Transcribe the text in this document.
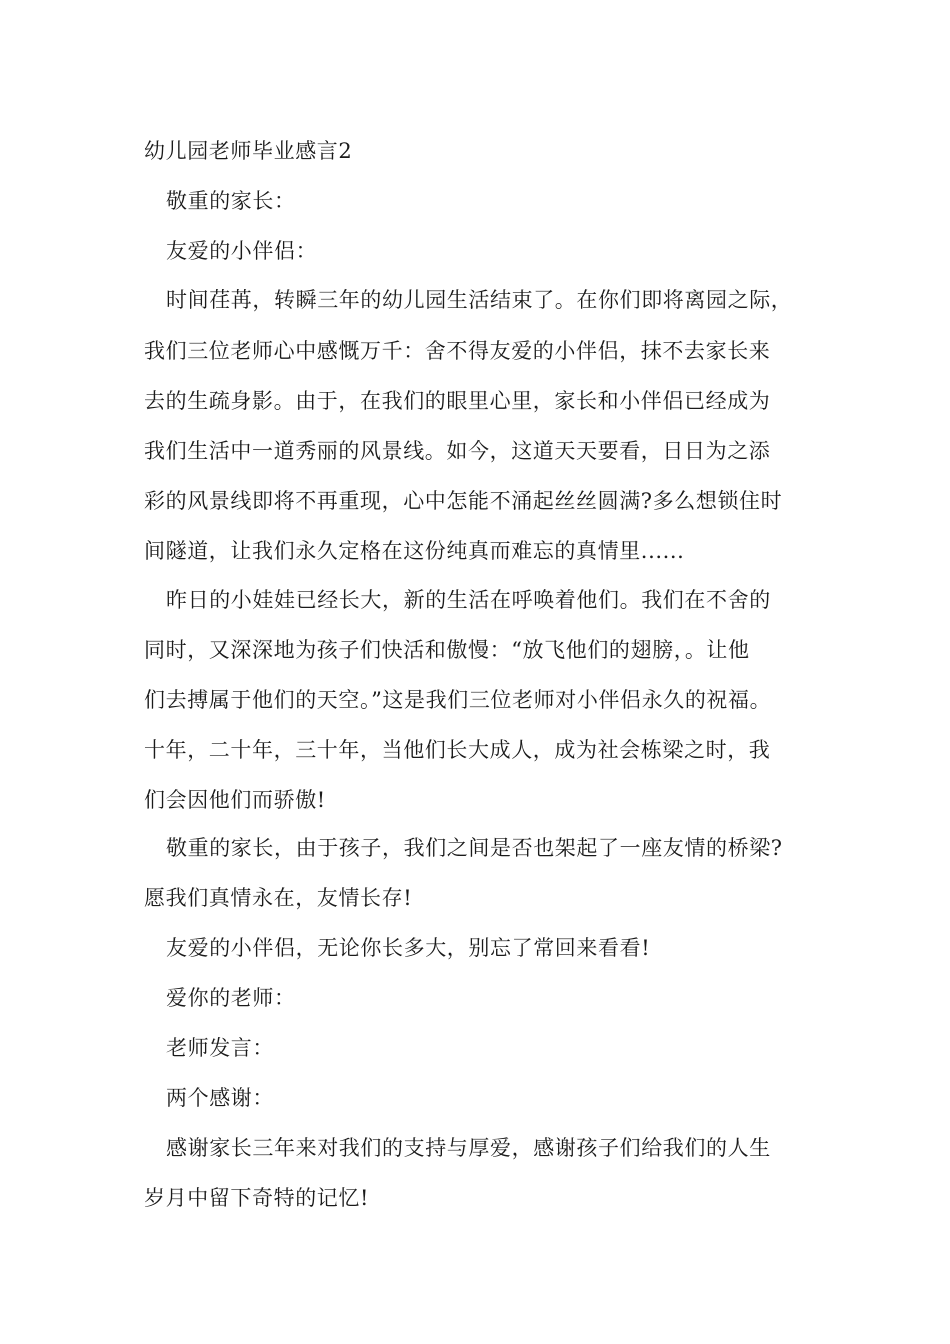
幼儿园老师毕业感言2
敬重的家长：
友爱的小伴侣：
时间荏苒，转瞬三年的幼儿园生活结束了。在你们即将离园之际，
我们三位老师心中感慨万千：舍不得友爱的小伴侣，抹不去家长来
去的生疏身影。由于，在我们的眼里心里，家长和小伴侣已经成为
我们生活中一道秀丽的风景线。如今，这道天天要看，日日为之添
彩的风景线即将不再重现，心中怎能不涌起丝丝圆满?多么想锁住时
间隧道，让我们永久定格在这份纯真而难忘的真情里......
昨日的小娃娃已经长大，新的生活在呼唤着他们。我们在不舍的
同时，又深深地为孩子们快活和傲慢：“放飞他们的翅膀，。让他
们去搏属于他们的天空。”这是我们三位老师对小伴侣永久的祝福。
十年，二十年，三十年，当他们长大成人，成为社会栋梁之时，我
们会因他们而骄傲!
敬重的家长，由于孩子，我们之间是否也架起了一座友情的桥梁?
愿我们真情永在，友情长存!
友爱的小伴侣，无论你长多大，别忘了常回来看看!
爱你的老师：
老师发言：
两个感谢：
感谢家长三年来对我们的支持与厚爱，感谢孩子们给我们的人生
岁月中留下奇特的记忆!
